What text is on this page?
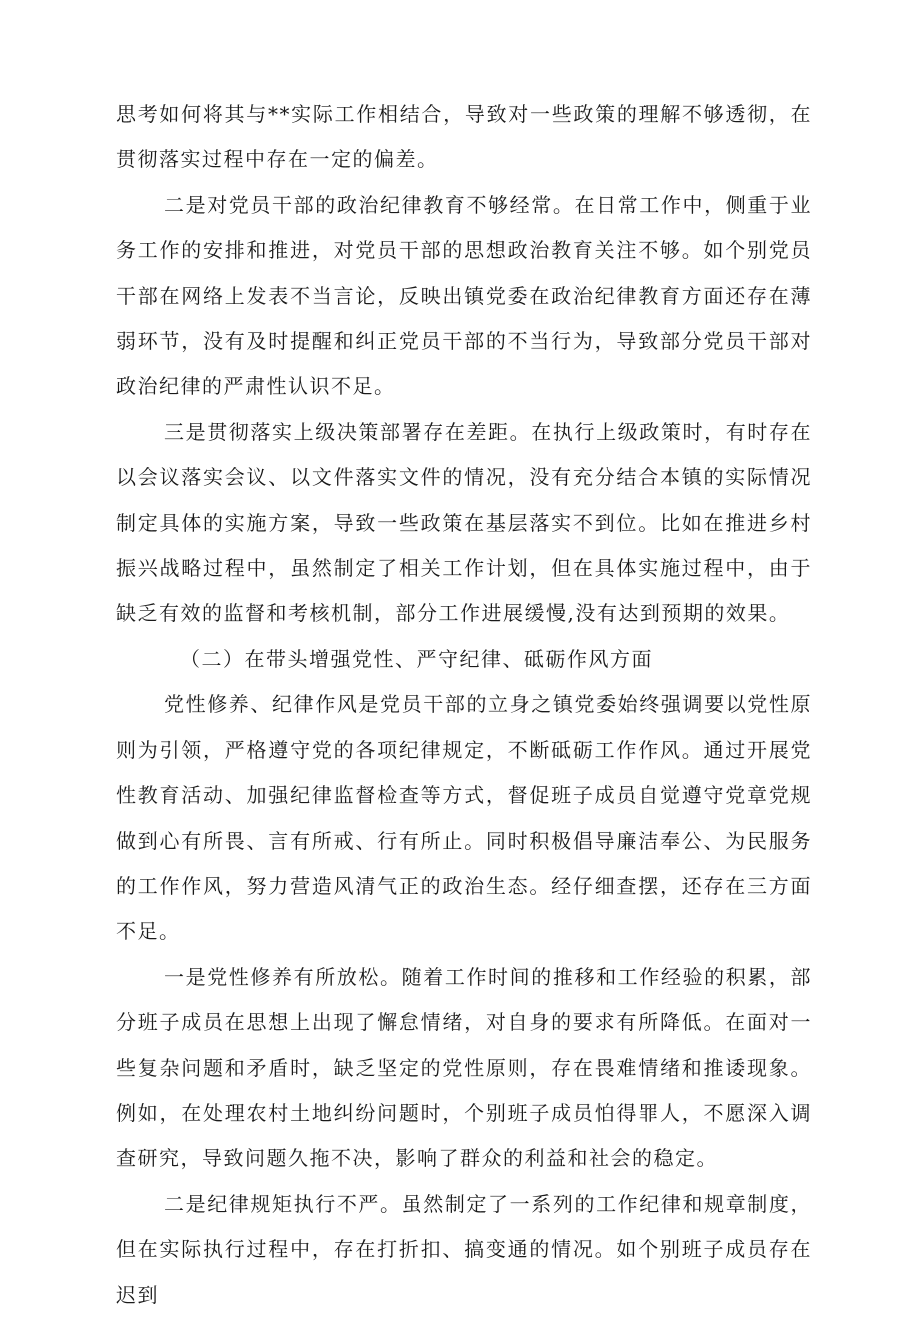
思考如何将其与**实际工作相结合，导致对一些政策的理解不够透彻，在贯彻落实过程中存在一定的偏差。

二是对党员干部的政治纪律教育不够经常。在日常工作中，侧重于业务工作的安排和推进，对党员干部的思想政治教育关注不够。如个别党员干部在网络上发表不当言论，反映出镇党委在政治纪律教育方面还存在薄弱环节，没有及时提醒和纠正党员干部的不当行为，导致部分党员干部对政治纪律的严肃性认识不足。

三是贯彻落实上级决策部署存在差距。在执行上级政策时，有时存在以会议落实会议、以文件落实文件的情况，没有充分结合本镇的实际情况制定具体的实施方案，导致一些政策在基层落实不到位。比如在推进乡村振兴战略过程中，虽然制定了相关工作计划，但在具体实施过程中，由于缺乏有效的监督和考核机制，部分工作进展缓慢,没有达到预期的效果。

（二）在带头增强党性、严守纪律、砥砺作风方面

党性修养、纪律作风是党员干部的立身之镇党委始终强调要以党性原则为引领，严格遵守党的各项纪律规定，不断砥砺工作作风。通过开展党性教育活动、加强纪律监督检查等方式，督促班子成员自觉遵守党章党规做到心有所畏、言有所戒、行有所止。同时积极倡导廉洁奉公、为民服务的工作作风，努力营造风清气正的政治生态。经仔细查摆，还存在三方面不足。

一是党性修养有所放松。随着工作时间的推移和工作经验的积累，部分班子成员在思想上出现了懈怠情绪，对自身的要求有所降低。在面对一些复杂问题和矛盾时，缺乏坚定的党性原则，存在畏难情绪和推诿现象。例如，在处理农村土地纠纷问题时，个别班子成员怕得罪人，不愿深入调查研究，导致问题久拖不决，影响了群众的利益和社会的稳定。

二是纪律规矩执行不严。虽然制定了一系列的工作纪律和规章制度，但在实际执行过程中，存在打折扣、搞变通的情况。如个别班子成员存在迟到
